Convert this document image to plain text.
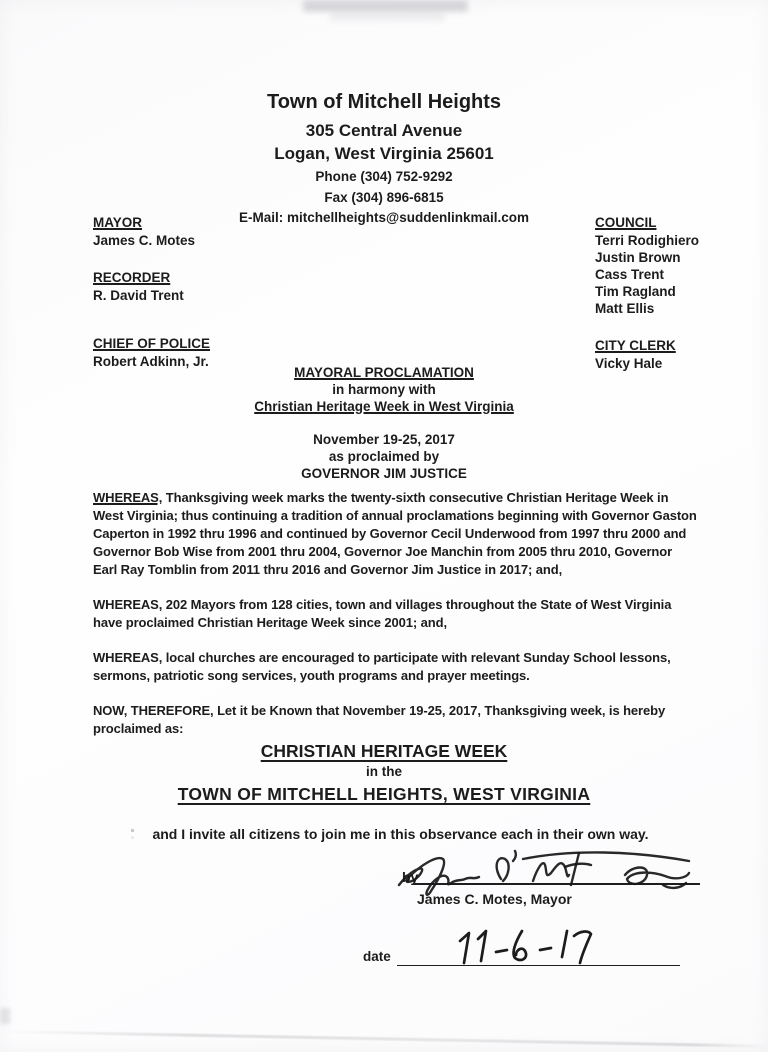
Town of Mitchell Heights
305 Central Avenue
Logan, West Virginia 25601
Phone (304) 752-9292
Fax (304) 896-6815
E-Mail: mitchellheights@suddenlinkmail.com
MAYOR
James C. Motes
RECORDER
R. David Trent
CHIEF OF POLICE
Robert Adkinn, Jr.
COUNCIL
Terri Rodighiero
Justin Brown
Cass Trent
Tim Ragland
Matt Ellis
CITY CLERK
Vicky Hale
MAYORAL PROCLAMATION
in harmony with
Christian Heritage Week in West Virginia
November 19-25, 2017
as proclaimed by
GOVERNOR JIM JUSTICE

WHEREAS, Thanksgiving week marks the twenty-sixth consecutive Christian Heritage Week in West Virginia; thus continuing a tradition of annual proclamations beginning with Governor Gaston Caperton in 1992 thru 1996 and continued by Governor Cecil Underwood from 1997 thru 2000 and Governor Bob Wise from 2001 thru 2004, Governor Joe Manchin from 2005 thru 2010, Governor Earl Ray Tomblin from 2011 thru 2016 and Governor Jim Justice in 2017; and,

WHEREAS, 202 Mayors from 128 cities, town and villages throughout the State of West Virginia have proclaimed Christian Heritage Week since 2001; and,

WHEREAS, local churches are encouraged to participate with relevant Sunday School lessons, sermons, patriotic song services, youth programs and prayer meetings.

NOW, THEREFORE, Let it be Known that November 19-25, 2017, Thanksgiving week, is hereby proclaimed as:

CHRISTIAN HERITAGE WEEK
in the
TOWN OF MITCHELL HEIGHTS, WEST VIRGINIA
and I invite all citizens to join me in this observance each in their own way.
by
James C. Motes, Mayor
date
